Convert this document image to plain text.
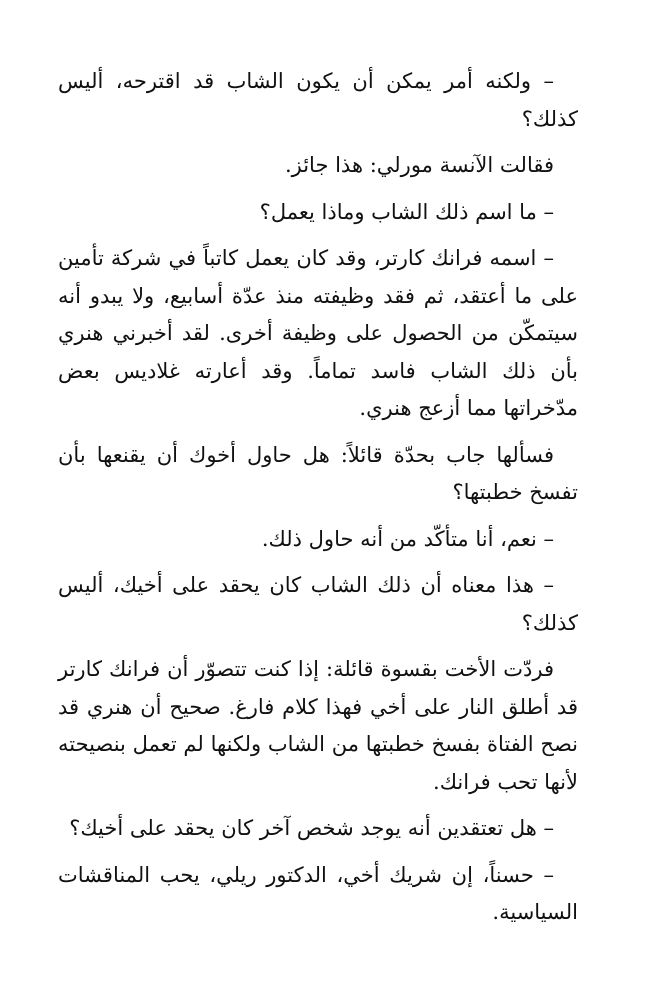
– ولكنه أمر يمكن أن يكون الشاب قد اقترحه، أليس كذلك؟

فقالت الآنسة مورلي: هذا جائز.

– ما اسم ذلك الشاب وماذا يعمل؟

– اسمه فرانك كارتر، وقد كان يعمل كاتباً في شركة تأمين على ما أعتقد، ثم فقد وظيفته منذ عدّة أسابيع، ولا يبدو أنه سيتمكّن من الحصول على وظيفة أخرى. لقد أخبرني هنري بأن ذلك الشاب فاسد تماماً. وقد أعارته غلاديس بعض مدّخراتها مما أزعج هنري.

فسألها جاب بحدّة قائلاً: هل حاول أخوك أن يقنعها بأن تفسخ خطبتها؟

– نعم، أنا متأكّد من أنه حاول ذلك.

– هذا معناه أن ذلك الشاب كان يحقد على أخيك، أليس كذلك؟

فردّت الأخت بقسوة قائلة: إذا كنت تتصوّر أن فرانك كارتر قد أطلق النار على أخي فهذا كلام فارغ. صحيح أن هنري قد نصح الفتاة بفسخ خطبتها من الشاب ولكنها لم تعمل بنصيحته لأنها تحب فرانك.

– هل تعتقدين أنه يوجد شخص آخر كان يحقد على أخيك؟

– حسناً، إن شريك أخي، الدكتور ريلي، يحب المناقشات السياسية.
